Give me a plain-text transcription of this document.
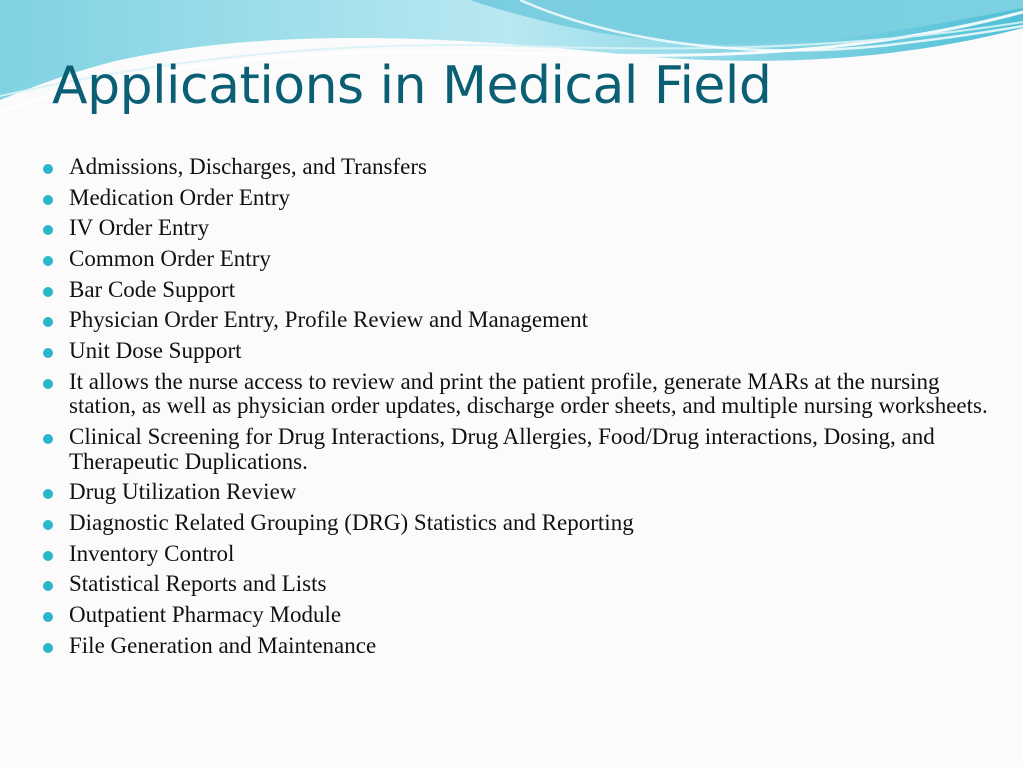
Applications in Medical Field
Admissions, Discharges, and Transfers
Medication Order Entry
IV Order Entry
Common Order Entry
Bar Code Support
Physician Order Entry, Profile Review and Management
Unit Dose Support
It allows the nurse access to review and print the patient profile, generate MARs at the nursing station, as well as physician order updates, discharge order sheets, and multiple nursing worksheets.
Clinical Screening for Drug Interactions, Drug Allergies, Food/Drug interactions, Dosing, and Therapeutic Duplications.
Drug Utilization Review
Diagnostic Related Grouping (DRG) Statistics and Reporting
Inventory Control
Statistical Reports and Lists
Outpatient Pharmacy Module
File Generation and Maintenance
